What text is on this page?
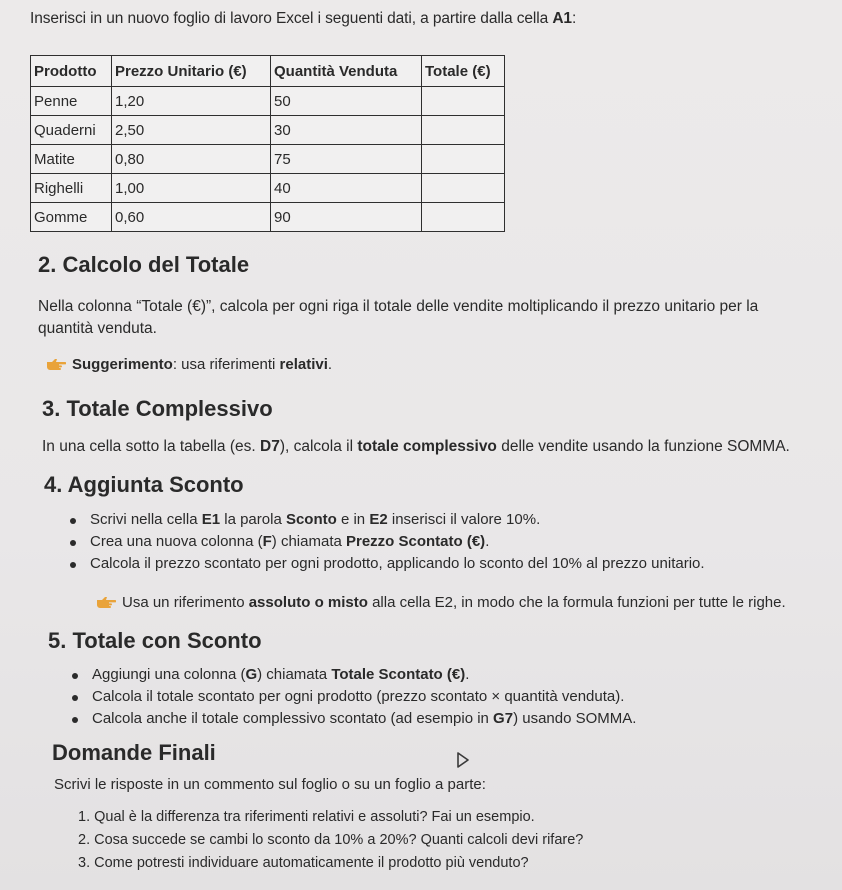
Inserisci in un nuovo foglio di lavoro Excel i seguenti dati, a partire dalla cella A1:
Prodotto	Prezzo Unitario (€)	Quantità Venduta	Totale (€)
Penne	1,20	50	
Quaderni	2,50	30	
Matite	0,80	75	
Righelli	1,00	40	
Gomme	0,60	90	
2. Calcolo del Totale
Nella colonna “Totale (€)”, calcola per ogni riga il totale delle vendite moltiplicando il prezzo unitario per la
quantità venduta.
Suggerimento: usa riferimenti relativi.
3. Totale Complessivo
In una cella sotto la tabella (es. D7), calcola il totale complessivo delle vendite usando la funzione SOMMA.
4. Aggiunta Sconto
Scrivi nella cella E1 la parola Sconto e in E2 inserisci il valore 10%.
Crea una nuova colonna (F) chiamata Prezzo Scontato (€).
Calcola il prezzo scontato per ogni prodotto, applicando lo sconto del 10% al prezzo unitario.
Usa un riferimento assoluto o misto alla cella E2, in modo che la formula funzioni per tutte le righe.
5. Totale con Sconto
Aggiungi una colonna (G) chiamata Totale Scontato (€).
Calcola il totale scontato per ogni prodotto (prezzo scontato × quantità venduta).
Calcola anche il totale complessivo scontato (ad esempio in G7) usando SOMMA.
Domande Finali
Scrivi le risposte in un commento sul foglio o su un foglio a parte:
1. Qual è la differenza tra riferimenti relativi e assoluti? Fai un esempio.
2. Cosa succede se cambi lo sconto da 10% a 20%? Quanti calcoli devi rifare?
3. Come potresti individuare automaticamente il prodotto più venduto?
